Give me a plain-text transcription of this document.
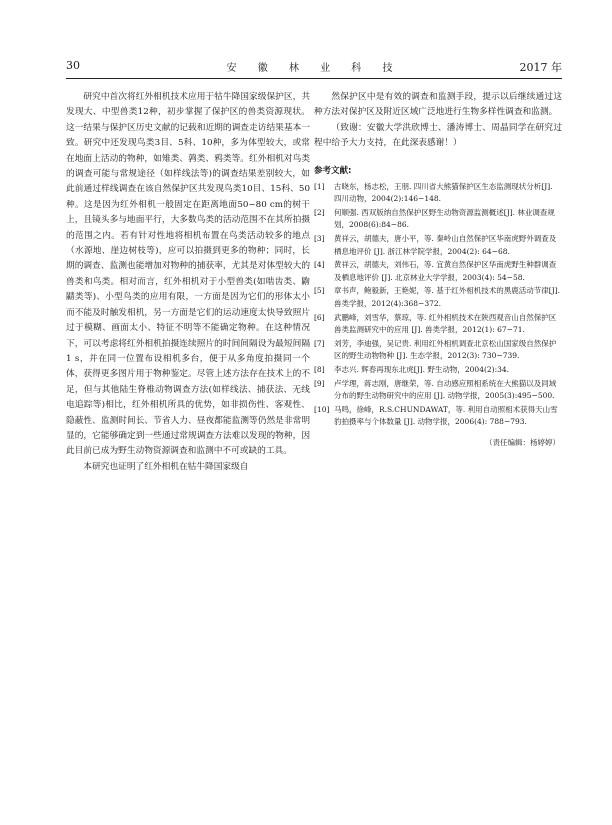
30	安 徽 林 业 科 技	2017 年

研究中首次将红外相机技术应用于牯牛降国家级保护区，共发现大、中型兽类12种，初步掌握了保护区的兽类资源现状。这一结果与保护区历史文献的记载和近期的调查走访结果基本一致。研究中还发现鸟类3目、5科、10种，多为体型较大，或常在地面上活动的物种，如雉类、鹑类、鸦类等。红外相机对鸟类的调查可能与常规途径（如样线法等)的调查结果差别较大，如此前通过样线调查在该自然保护区共发现鸟类10目、15科、50种。这是因为红外相机一般固定在距离地面50~80 cm的树干上，且镜头多与地面平行，大多数鸟类的活动范围不在其所拍摄的范围之内。若有针对性地将相机布置在鸟类活动较多的地点（水源地、崖边树枝等)，应可以拍摄到更多的物种；同时，长期的调查、监测也能增加对物种的捕获率，尤其是对体型较大的兽类和鸟类。相对而言，红外相机对于小型兽类(如啮齿类、鼩鼱类等)、小型鸟类的应用有限，一方面是因为它们的形体太小而不能及时触发相机，另一方面是它们的运动速度太快导致照片过于模糊、画面太小、特征不明等不能确定物种。在这种情况下，可以考虑将红外相机拍摄连续照片的时间间隔设为最短间隔1 s，并在同一位置布设相机多台，便于从多角度拍摄同一个体，获得更多图片用于物种鉴定。尽管上述方法存在技术上的不足，但与其他陆生脊椎动物调查方法(如样线法、捕获法、无线电追踪等)相比，红外相机所具的优势，如非损伤性、客观性、隐蔽性、监测时间长、节省人力、昼夜都能监测等仍然是非常明显的，它能够确定到一些通过常规调查方法难以发现的物种，因此目前已成为野生动物资源调查和监测中不可或缺的工具。

本研究也证明了红外相机在牯牛降国家级自

然保护区中是有效的调查和监测手段，提示以后继续通过这种方法对保护区及附近区域广泛地进行生物多样性调查和监测。

（致谢：安徽大学洪欣博士、潘涛博士、周晶同学在研究过程中给予大力支持，在此深表感谢！）

参考文献:
[1] 古晓东，杨志松，王朋. 四川省大熊猫保护区生态监测现状分析[J]. 四川动物，2004(2):146−148.
[2] 何顺强. 西双版纳自然保护区野生动物资源监测概述[J]. 林业调查规划，2008(6):84−86.
[3] 黄祥云，胡德夫，唐小平，等. 秦岭山自然保护区华南虎野外调查及栖息地评价 [J]. 浙江林学院学报，2004(2): 64−68.
[4] 黄祥云，胡德夫，刘伟石，等. 宜黄自然保护区华南虎野生种群调查及栖息地评价 [J]. 北京林业大学学报，2003(4): 54−58.
[5] 章书声，鲍毅新，王艳妮，等. 基于红外相机技术的黑鹿活动节律[J]. 兽类学报，2012(4):368−372.
[6] 武鹏峰，刘雪华，蔡琼，等. 红外相机技术在陕西观音山自然保护区兽类监测研究中的应用 [J]. 兽类学报，2012(1): 67−71.
[7] 刘芳，李迪强，吴记贵. 利用红外相机调查北京松山国家级自然保护区的野生动物物种 [J]. 生态学报，2012(3): 730−739.
[8] 李志兴. 辉春再现东北虎[J]. 野生动物，2004(2):34.
[9] 卢学理，蒋志刚，唐继荣，等. 自动感应照相系统在大熊猫以及同域分布的野生动物研究中的应用 [J]. 动物学报，2005(3):495−500.
[10] 马鸣，徐峰，R.S.CHUNDAWAT，等. 利用自动照相术获得天山雪豹拍摄率与个体数量 [J]. 动物学报，2006(4): 788−793.
（责任编辑：杨婷婷）
